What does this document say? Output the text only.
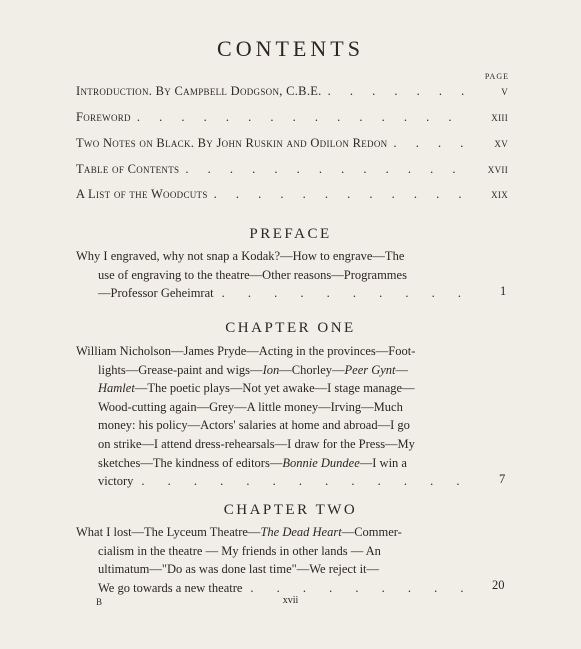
CONTENTS
PAGE
Introduction. By Campbell Dodgson, C.B.E. . . .	v
Foreword . . .	xiii
Two Notes on Black. By John Ruskin and Odilon Redon . . .	xv
Table of Contents . . .	xvii
A List of the Woodcuts . . .	xix
PREFACE
Why I engraved, why not snap a Kodak?—How to engrave—The
use of engraving to the theatre—Other reasons—Programmes
—Professor Geheimrat . . .	1
CHAPTER ONE
William Nicholson—James Pryde—Acting in the provinces—Foot-
lights—Grease-paint and wigs—Ion—Chorley—Peer Gynt—
Hamlet—The poetic plays—Not yet awake—I stage manage—
Wood-cutting again—Grey—A little money—Irving—Much
money: his policy—Actors' salaries at home and abroad—I go
on strike—I attend dress-rehearsals—I draw for the Press—My
sketches—The kindness of editors—Bonnie Dundee—I win a
victory . . .	7
CHAPTER TWO
What I lost—The Lyceum Theatre—The Dead Heart—Commer-
cialism in the theatre — My friends in other lands — An
ultimatum—"Do as was done last time"—We reject it—
We go towards a new theatre . . .	20
B	xvii
